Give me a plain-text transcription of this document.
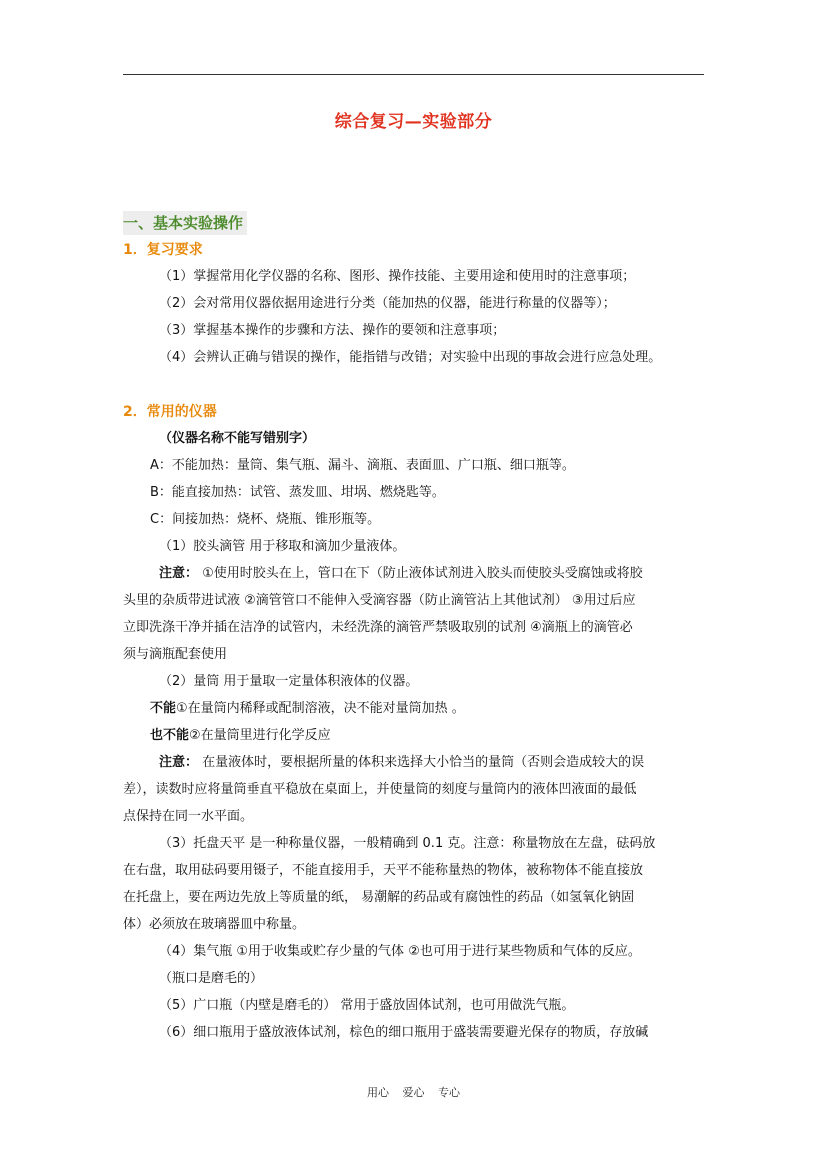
综合复习—实验部分
一、基本实验操作
1．复习要求
（1）掌握常用化学仪器的名称、图形、操作技能、主要用途和使用时的注意事项；
（2）会对常用仪器依据用途进行分类（能加热的仪器，能进行称量的仪器等）；
（3）掌握基本操作的步骤和方法、操作的要领和注意事项；
（4）会辨认正确与错误的操作，能指错与改错；对实验中出现的事故会进行应急处理。
2．常用的仪器
（仪器名称不能写错别字）
A：不能加热：量筒、集气瓶、漏斗、滴瓶、表面皿、广口瓶、细口瓶等。
B：能直接加热：试管、蒸发皿、坩埚、燃烧匙等。
C：间接加热：烧杯、烧瓶、锥形瓶等。
（1）胶头滴管 用于移取和滴加少量液体。
注意： ①使用时胶头在上，管口在下（防止液体试剂进入胶头而使胶头受腐蚀或将胶
头里的杂质带进试液 ②滴管管口不能伸入受滴容器（防止滴管沾上其他试剂） ③用过后应
立即洗涤干净并插在洁净的试管内，未经洗涤的滴管严禁吸取别的试剂 ④滴瓶上的滴管必
须与滴瓶配套使用
（2）量筒 用于量取一定量体积液体的仪器。
不能①在量筒内稀释或配制溶液，决不能对量筒加热 。
也不能②在量筒里进行化学反应
注意： 在量液体时，要根据所量的体积来选择大小恰当的量筒（否则会造成较大的误
差），读数时应将量筒垂直平稳放在桌面上，并使量筒的刻度与量筒内的液体凹液面的最低
点保持在同一水平面。
（3）托盘天平 是一种称量仪器，一般精确到 0.1 克。注意：称量物放在左盘，砝码放
在右盘，取用砝码要用镊子，不能直接用手，天平不能称量热的物体，被称物体不能直接放
在托盘上，要在两边先放上等质量的纸， 易潮解的药品或有腐蚀性的药品（如氢氧化钠固
体）必须放在玻璃器皿中称量。
（4）集气瓶 ①用于收集或贮存少量的气体 ②也可用于进行某些物质和气体的反应。
（瓶口是磨毛的）
（5）广口瓶（内壁是磨毛的） 常用于盛放固体试剂，也可用做洗气瓶。
（6）细口瓶用于盛放液体试剂，棕色的细口瓶用于盛装需要避光保存的物质，存放碱
用心 爱心 专心
